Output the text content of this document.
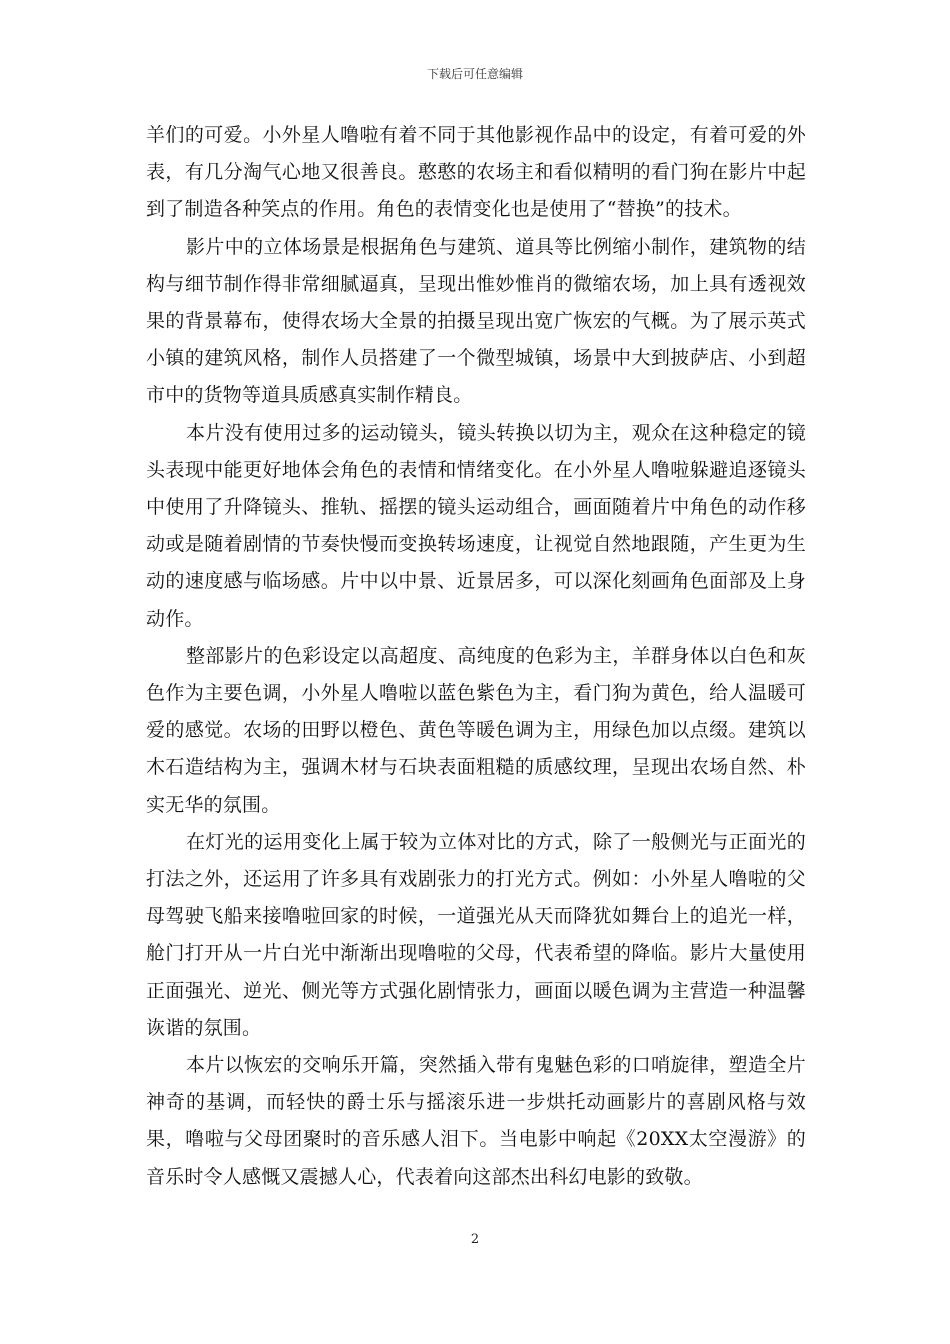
下载后可任意编辑

羊们的可爱。小外星人噜啦有着不同于其他影视作品中的设定，有着可爱的外表，有几分淘气心地又很善良。憨憨的农场主和看似精明的看门狗在影片中起到了制造各种笑点的作用。角色的表情变化也是使用了“替换”的技术。

影片中的立体场景是根据角色与建筑、道具等比例缩小制作，建筑物的结构与细节制作得非常细腻逼真，呈现出惟妙惟肖的微缩农场，加上具有透视效果的背景幕布，使得农场大全景的拍摄呈现出宽广恢宏的气概。为了展示英式小镇的建筑风格，制作人员搭建了一个微型城镇，场景中大到披萨店、小到超市中的货物等道具质感真实制作精良。

本片没有使用过多的运动镜头，镜头转换以切为主，观众在这种稳定的镜头表现中能更好地体会角色的表情和情绪变化。在小外星人噜啦躲避追逐镜头中使用了升降镜头、推轨、摇摆的镜头运动组合，画面随着片中角色的动作移动或是随着剧情的节奏快慢而变换转场速度，让视觉自然地跟随，产生更为生动的速度感与临场感。片中以中景、近景居多，可以深化刻画角色面部及上身动作。

整部影片的色彩设定以高超度、高纯度的色彩为主，羊群身体以白色和灰色作为主要色调，小外星人噜啦以蓝色紫色为主，看门狗为黄色，给人温暖可爱的感觉。农场的田野以橙色、黄色等暖色调为主，用绿色加以点缀。建筑以木石造结构为主，强调木材与石块表面粗糙的质感纹理，呈现出农场自然、朴实无华的氛围。

在灯光的运用变化上属于较为立体对比的方式，除了一般侧光与正面光的打法之外，还运用了许多具有戏剧张力的打光方式。例如：小外星人噜啦的父母驾驶飞船来接噜啦回家的时候，一道强光从天而降犹如舞台上的追光一样，舱门打开从一片白光中渐渐出现噜啦的父母，代表希望的降临。影片大量使用正面强光、逆光、侧光等方式强化剧情张力，画面以暖色调为主营造一种温馨诙谐的氛围。

本片以恢宏的交响乐开篇，突然插入带有鬼魅色彩的口哨旋律，塑造全片神奇的基调，而轻快的爵士乐与摇滚乐进一步烘托动画影片的喜剧风格与效果，噜啦与父母团聚时的音乐感人泪下。当电影中响起《20XX太空漫游》的音乐时令人感慨又震撼人心，代表着向这部杰出科幻电影的致敬。

2
